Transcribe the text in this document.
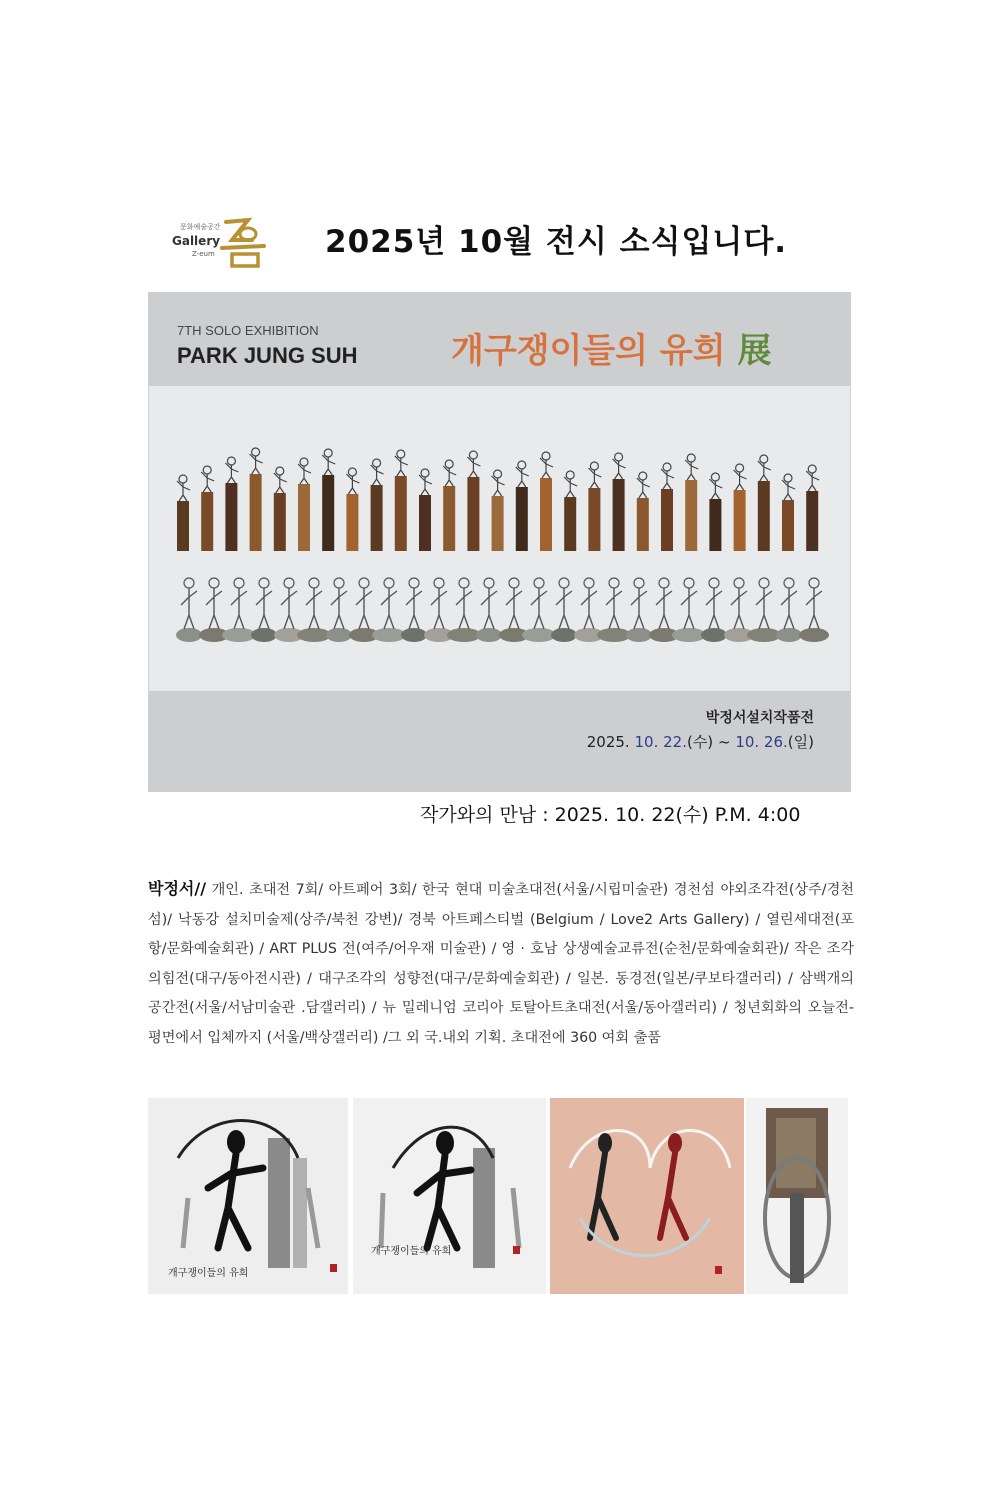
문화예술공간
Gallery
Z-eum	2025년 10월 전시 소식입니다.
7TH SOLO EXHIBITION
PARK JUNG SUH	개구쟁이들의 유희 展
박정서설치작품전
2025. 10. 22.(수) ~ 10. 26.(일)
작가와의 만남 : 2025. 10. 22(수) P.M. 4:00
박정서// 개인. 초대전 7회/ 아트페어 3회/ 한국 현대 미술초대전(서울/시립미술관) 경천섬 야외조각전(상주/경천섬)/ 낙동강 설치미술제(상주/북천 강변)/ 경북 아트페스티벌 (Belgium / Love2 Arts Gallery) / 열린세대전(포항/문화예술회관) / ART PLUS 전(여주/어우재 미술관) / 영 · 호남 상생예술교류전(순천/문화예술회관)/ 작은 조각의힘전(대구/동아전시관) / 대구조각의 성향전(대구/문화예술회관) / 일본. 동경전(일본/쿠보타갤러리) / 삼백개의 공간전(서울/서남미술관 .담갤러리) / 뉴 밀레니엄 코리아 토탈아트초대전(서울/동아갤러리) / 청년회화의 오늘전-평면에서 입체까지 (서울/백상갤러리) /그 외 국.내외 기획. 초대전에 360 여회 출품
개구쟁이들의 유희
개구쟁이들의 유희
